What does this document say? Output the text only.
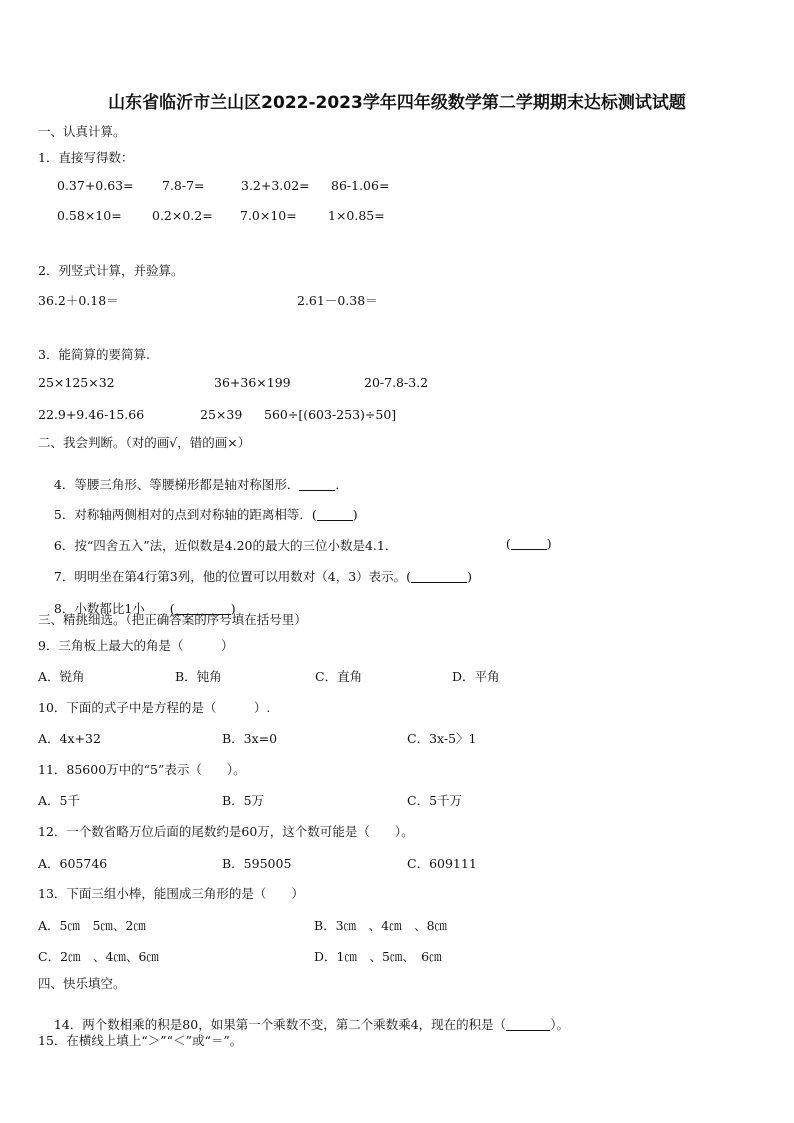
山东省临沂市兰山区2022-2023学年四年级数学第二学期期末达标测试试题
一、认真计算。
1．直接写得数：
0.37+0.63= 7.8-7=	3.2+3.02= 86-1.06=
0.58×10= 0.2×0.2= 7.0×10=	1×0.85=
2．列竖式计算，并验算。
36.2＋0.18＝	2.61－0.38＝
3．能简算的要简算.
25×125×32	36+36×199	20-7.8-3.2
22.9+9.46-15.66	25×39 560÷[(603-253)÷50]
二、我会判断。（对的画√，错的画×）

4．等腰三角形、等腰梯形都是轴对称图形．	．

5．对称轴两侧相对的点到对称轴的距离相等．(	)

6．按“四舍五入”法，近似数是4.20的最大的三位小数是4.1．
	(	)

7．明明坐在第4行第3列，他的位置可以用数对（4，3）表示。(	)

8．小数都比1小　　(	)

三、精挑细选。（把正确答案的序号填在括号里）
9．三角板上最大的角是（　　　）
A．锐角	B．钝角	C．直角	D．平角
10．下面的式子中是方程的是（　　　）.
A．4x+32	B．3x=0	C．3x-5〉1
11．85600万中的“5”表示（　　）。
A．5千	B．5万	C．5千万
12．一个数省略万位后面的尾数约是60万，这个数可能是（　　）。
A．605746	B．595005	C．609111
13．下面三组小棒，能围成三角形的是（　　）
A．5㎝　5㎝、2㎝	B．3㎝　、4㎝　、8㎝
C．2㎝　、4㎝、6㎝	D．1㎝　、5㎝、　6㎝
四、快乐填空。

14．两个数相乘的积是80，如果第一个乘数不变，第二个乘数乘4，现在的积是（	）。

15．在横线上填上“＞”“＜”或“＝”。
